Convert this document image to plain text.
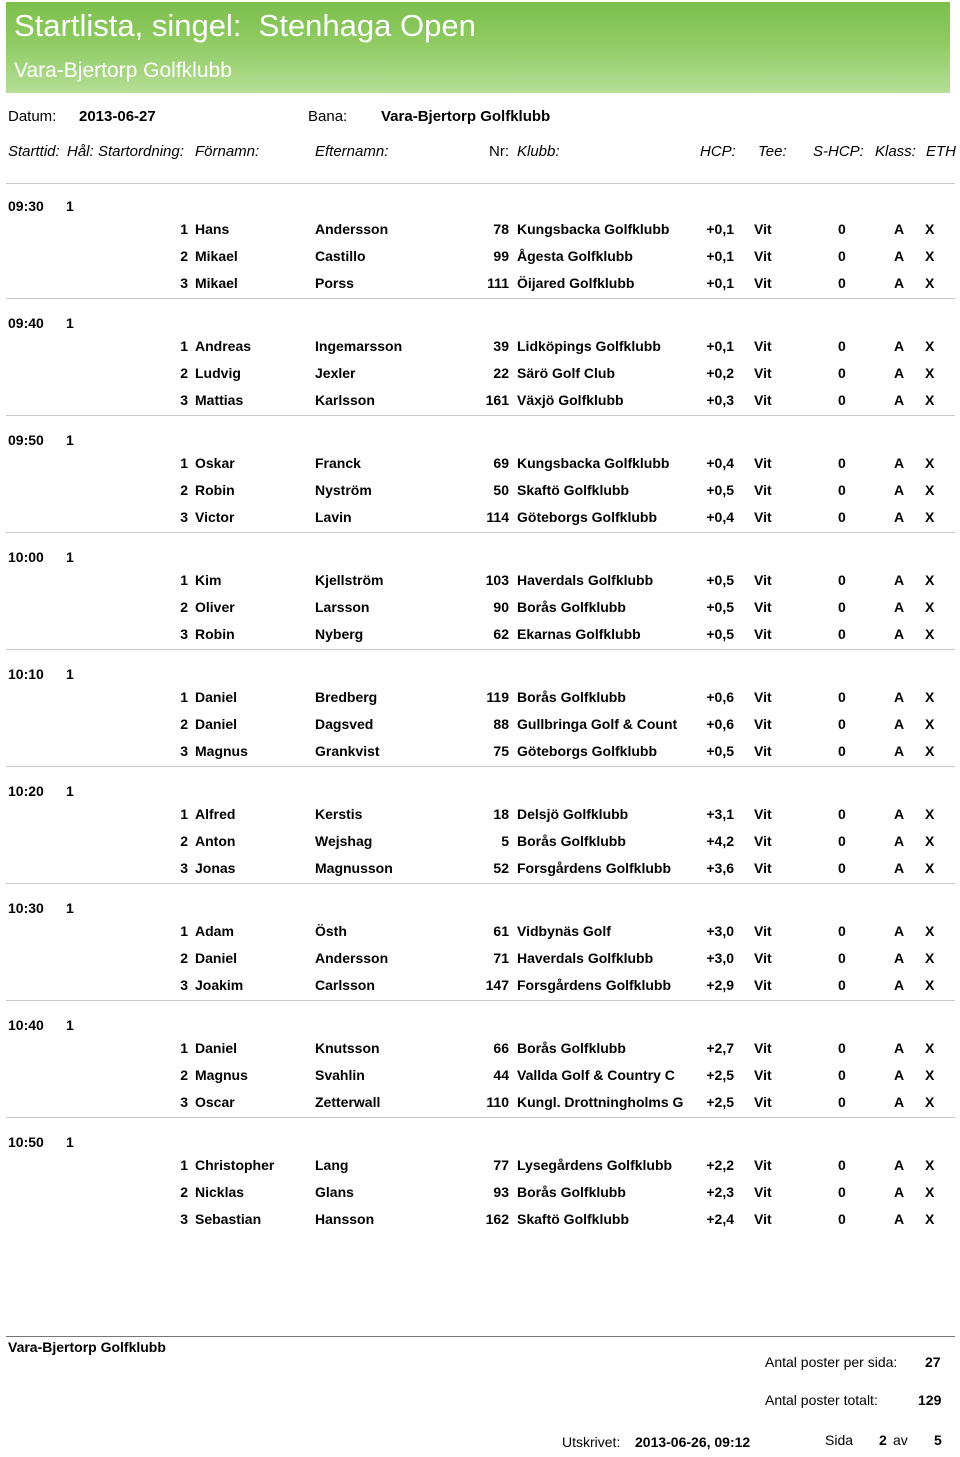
Startlista, singel:  Stenhaga Open
Vara-Bjertorp Golfklubb
Datum: 2013-06-27	Bana: Vara-Bjertorp Golfklubb
Starttid: Hål: Startordning: Förnamn:	Efternamn:	Nr: Klubb:	HCP: Tee: S-HCP: Klass: ETH
09:30 1
1 Hans	Andersson	78 Kungsbacka Golfklubb	+0,1 Vit	0	A X
2 Mikael	Castillo	99 Ågesta Golfklubb	+0,1 Vit	0	A X
3 Mikael	Porss	111 Öijared Golfklubb	+0,1 Vit	0	A X
09:40 1
1 Andreas	Ingemarsson	39 Lidköpings Golfklubb	+0,1 Vit	0	A X
2 Ludvig	Jexler	22 Särö Golf Club	+0,2 Vit	0	A X
3 Mattias	Karlsson	161 Växjö Golfklubb	+0,3 Vit	0	A X
09:50 1
1 Oskar	Franck	69 Kungsbacka Golfklubb	+0,4 Vit	0	A X
2 Robin	Nyström	50 Skaftö Golfklubb	+0,5 Vit	0	A X
3 Victor	Lavin	114 Göteborgs Golfklubb	+0,4 Vit	0	A X
10:00 1
1 Kim	Kjellström	103 Haverdals Golfklubb	+0,5 Vit	0	A X
2 Oliver	Larsson	90 Borås Golfklubb	+0,5 Vit	0	A X
3 Robin	Nyberg	62 Ekarnas Golfklubb	+0,5 Vit	0	A X
10:10 1
1 Daniel	Bredberg	119 Borås Golfklubb	+0,6 Vit	0	A X
2 Daniel	Dagsved	88 Gullbringa Golf & Count	+0,6 Vit	0	A X
3 Magnus	Grankvist	75 Göteborgs Golfklubb	+0,5 Vit	0	A X
10:20 1
1 Alfred	Kerstis	18 Delsjö Golfklubb	+3,1 Vit	0	A X
2 Anton	Wejshag	5 Borås Golfklubb	+4,2 Vit	0	A X
3 Jonas	Magnusson	52 Forsgårdens Golfklubb	+3,6 Vit	0	A X
10:30 1
1 Adam	Östh	61 Vidbynäs Golf	+3,0 Vit	0	A X
2 Daniel	Andersson	71 Haverdals Golfklubb	+3,0 Vit	0	A X
3 Joakim	Carlsson	147 Forsgårdens Golfklubb	+2,9 Vit	0	A X
10:40 1
1 Daniel	Knutsson	66 Borås Golfklubb	+2,7 Vit	0	A X
2 Magnus	Svahlin	44 Vallda Golf & Country C	+2,5 Vit	0	A X
3 Oscar	Zetterwall	110 Kungl. Drottningholms G	+2,5 Vit	0	A X
10:50 1
1 Christopher	Lang	77 Lysegårdens Golfklubb	+2,2 Vit	0	A X
2 Nicklas	Glans	93 Borås Golfklubb	+2,3 Vit	0	A X
3 Sebastian	Hansson	162 Skaftö Golfklubb	+2,4 Vit	0	A X
Vara-Bjertorp Golfklubb
Antal poster per sida: 27
Antal poster totalt:	129
Utskrivet: 2013-06-26, 09:12	Sida 2 av 5
